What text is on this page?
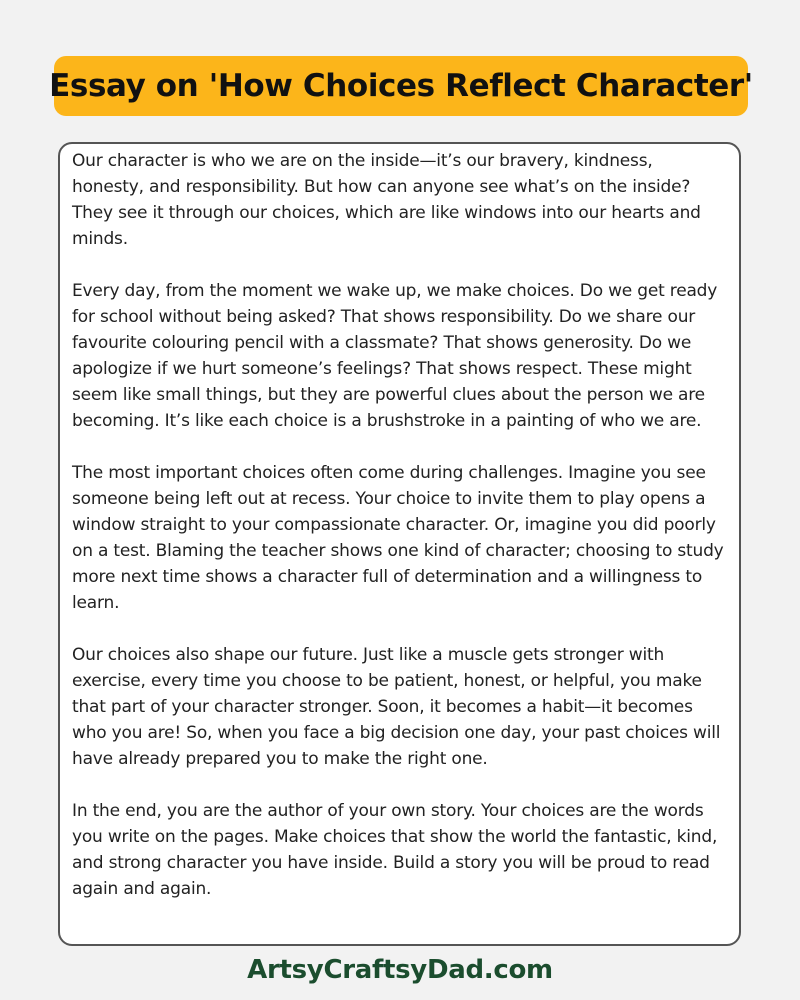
Essay on 'How Choices Reflect Character'

Our character is who we are on the inside—it’s our bravery, kindness, honesty, and responsibility. But how can anyone see what’s on the inside? They see it through our choices, which are like windows into our hearts and minds.

Every day, from the moment we wake up, we make choices. Do we get ready for school without being asked? That shows responsibility. Do we share our favourite colouring pencil with a classmate? That shows generosity. Do we apologize if we hurt someone’s feelings? That shows respect. These might seem like small things, but they are powerful clues about the person we are becoming. It’s like each choice is a brushstroke in a painting of who we are.

The most important choices often come during challenges. Imagine you see someone being left out at recess. Your choice to invite them to play opens a window straight to your compassionate character. Or, imagine you did poorly on a test. Blaming the teacher shows one kind of character; choosing to study more next time shows a character full of determination and a willingness to learn.

Our choices also shape our future. Just like a muscle gets stronger with exercise, every time you choose to be patient, honest, or helpful, you make that part of your character stronger. Soon, it becomes a habit—it becomes who you are! So, when you face a big decision one day, your past choices will have already prepared you to make the right one.

In the end, you are the author of your own story. Your choices are the words you write on the pages. Make choices that show the world the fantastic, kind, and strong character you have inside. Build a story you will be proud to read again and again.

ArtsyCraftsyDad.com
